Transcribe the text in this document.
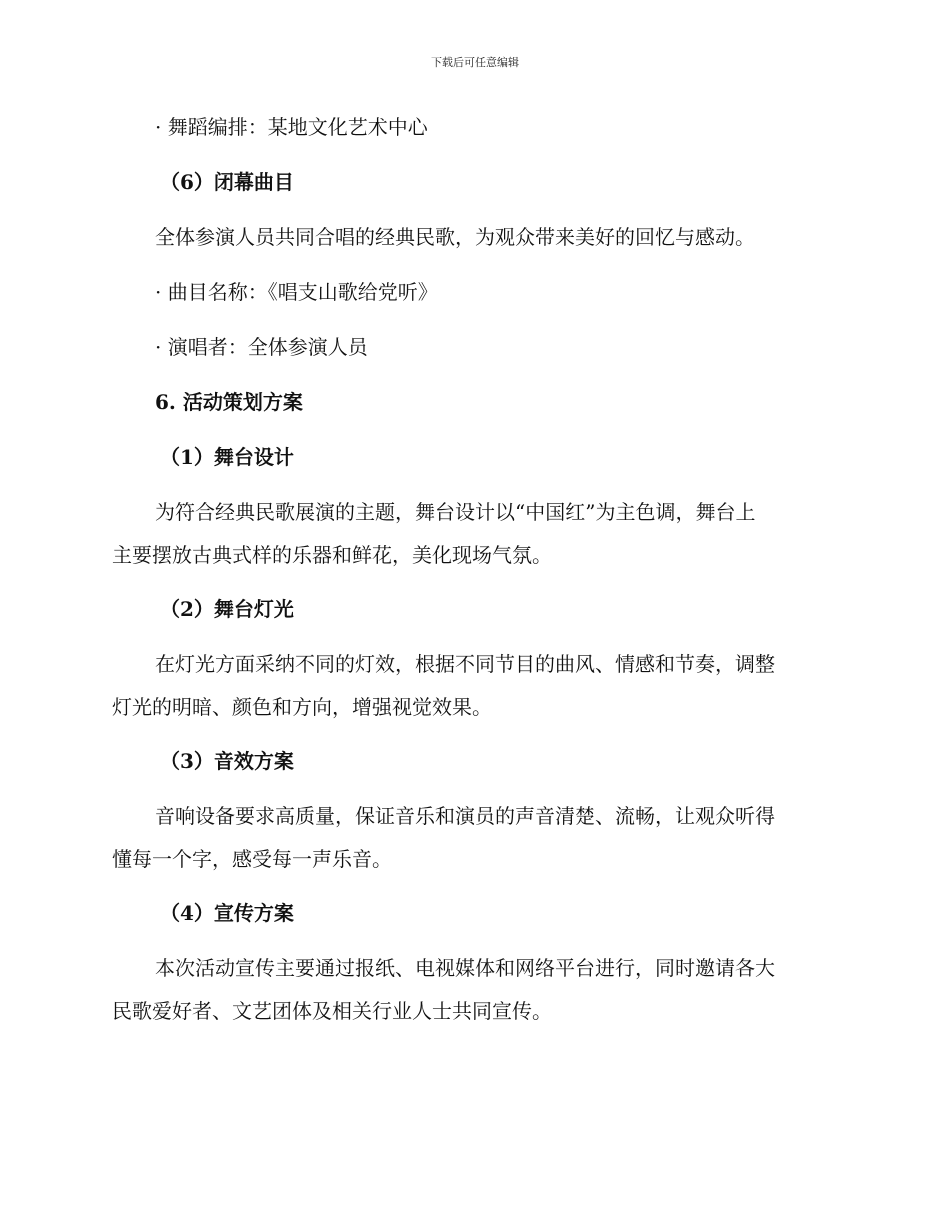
下载后可任意编辑
· 舞蹈编排：某地文化艺术中心
（6）闭幕曲目
全体参演人员共同合唱的经典民歌，为观众带来美好的回忆与感动。
· 曲目名称：《唱支山歌给党听》
· 演唱者：全体参演人员
6. 活动策划方案
（1）舞台设计
为符合经典民歌展演的主题，舞台设计以“中国红”为主色调，舞台上
主要摆放古典式样的乐器和鲜花，美化现场气氛。
（2）舞台灯光
在灯光方面采纳不同的灯效，根据不同节目的曲风、情感和节奏，调整
灯光的明暗、颜色和方向，增强视觉效果。
（3）音效方案
音响设备要求高质量，保证音乐和演员的声音清楚、流畅，让观众听得
懂每一个字，感受每一声乐音。
（4）宣传方案
本次活动宣传主要通过报纸、电视媒体和网络平台进行，同时邀请各大
民歌爱好者、文艺团体及相关行业人士共同宣传。
